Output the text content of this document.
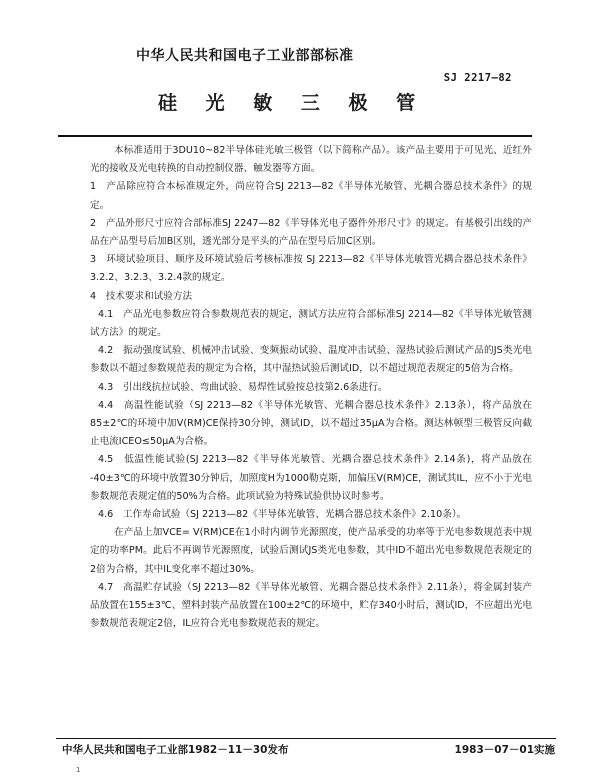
中华人民共和国电子工业部部标准
SJ 2217—82
硅 光 敏 三 极 管

本标准适用于3DU10~82半导体硅光敏三极管（以下简称产品）。该产品主要用于可见光、近红外光的接收及光电转换的自动控制仪器、触发器等方面。

1　产品除应符合本标准规定外，尚应符合SJ 2213—82《半导体光敏管、光耦合器总技术条件》的规定。

2　产品外形尺寸应符合部标准SJ 2247—82《半导体光电子器件外形尺寸》的规定。有基极引出线的产品在产品型号后加B区别，透光部分是平头的产品在型号后加C区别。

3　环境试验项目、顺序及环境试验后考核标准按 SJ 2213—82《半导体光敏管光耦合器总技术条件》3.2.2、3.2.3、3.2.4款的规定。

4　技术要求和试验方法

4.1　产品光电参数应符合参数规范表的规定，测试方法应符合部标准SJ 2214—82《半导体光敏管测试方法》的规定。

4.2　振动强度试验、机械冲击试验、变频振动试验、温度冲击试验、湿热试验后测试产品的JS类光电参数以不超过参数规范表的规定为合格，其中湿热试验后测试ID，以不超过规范表规定的5倍为合格。

4.3　引出线抗拉试验、弯曲试验、易焊性试验按总技第2.6条进行。

4.4　高温性能试验（SJ 2213—82《半导体光敏管、光耦合器总技术条件》2.13条），将产品放在85±2℃的环境中加V(RM)CE保持30分钟，测试ID，以不超过35μA为合格。测达林顿型三极管反向截止电流ICEO≤50μA为合格。

4.5　低温性能试验(SJ 2213—82《半导体光敏管、光耦合器总技术条件》2.14条)，将产品放在 -40±3℃的环境中放置30分钟后，加照度H为1000勒克斯，加偏压V(RM)CE，测试其IL，应不小于光电参数规范表规定值的50%为合格。此项试验为特殊试验供协议时参考。

4.6　工作寿命试验（SJ 2213—82《半导体光敏管、光耦合器总技术条件》2.10条）。

在产品上加VCE= V(RM)CE在1小时内调节光源照度，使产品承受的功率等于光电参数规范表中规定的功率PM。此后不再调节光源照度，试验后测试JS类光电参数，其中ID不超出光电参数规范表规定的2倍为合格，其中IL变化率不超过30%。

4.7　高温贮存试验（SJ 2213—82《半导体光敏管、光耦合器总技术条件》2.11条），将金属封装产品放置在155±3℃、塑料封装产品放置在100±2℃的环境中，贮存340小时后，测试ID，不应超出光电参数规范表规定2倍，IL应符合光电参数规范表的规定。

中华人民共和国电子工业部1982－11－30发布	1983－07－01实施
1
